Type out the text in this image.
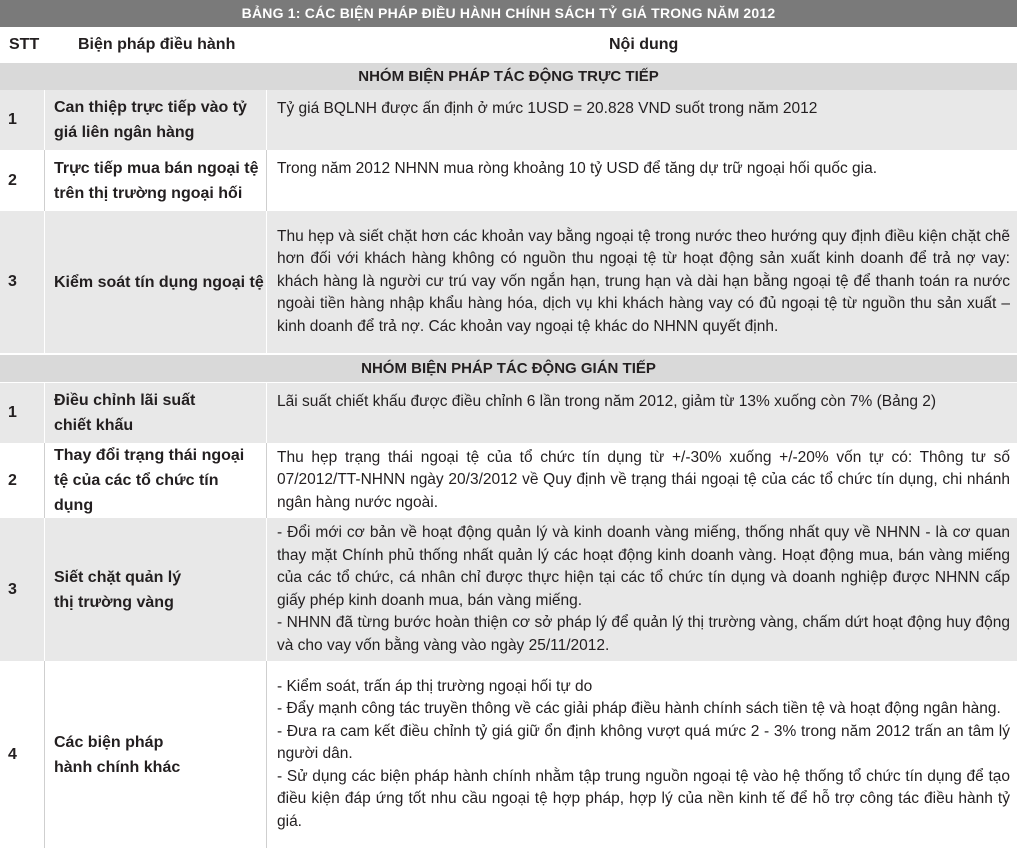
BẢNG 1: CÁC BIỆN PHÁP ĐIỀU HÀNH CHÍNH SÁCH TỶ GIÁ TRONG NĂM 2012
STT Biện pháp điều hành	Nội dung
NHÓM BIỆN PHÁP TÁC ĐỘNG TRỰC TIẾP
1
Can thiệp trực tiếp vào tỷ giá liên ngân hàng
Tỷ giá BQLNH được ấn định ở mức 1USD = 20.828 VND suốt trong năm 2012
2
Trực tiếp mua bán ngoại tệ trên thị trường ngoại hối
Trong năm 2012 NHNN mua ròng khoảng 10 tỷ USD để tăng dự trữ ngoại hối quốc gia.
3	Kiểm soát tín dụng ngoại tệ
Thu hẹp và siết chặt hơn các khoản vay bằng ngoại tệ trong nước theo hướng quy định điều kiện chặt chẽ hơn đối với khách hàng không có nguồn thu ngoại tệ từ hoạt động sản xuất kinh doanh để trả nợ vay: khách hàng là người cư trú vay vốn ngắn hạn, trung hạn và dài hạn bằng ngoại tệ để thanh toán ra nước ngoài tiền hàng nhập khẩu hàng hóa, dịch vụ khi khách hàng vay có đủ ngoại tệ từ nguồn thu sản xuất – kinh doanh để trả nợ. Các khoản vay ngoại tệ khác do NHNN quyết định.
NHÓM BIỆN PHÁP TÁC ĐỘNG GIÁN TIẾP
1
Điều chỉnh lãi suất chiết khấu
Lãi suất chiết khấu được điều chỉnh 6 lần trong năm 2012, giảm từ 13% xuống còn 7% (Bảng 2)
2
Thay đổi trạng thái ngoại tệ của các tổ chức tín dụng
Thu hẹp trạng thái ngoại tệ của tổ chức tín dụng từ +/-30% xuống +/-20% vốn tự có: Thông tư số 07/2012/TT-NHNN ngày 20/3/2012 về Quy định về trạng thái ngoại tệ của các tổ chức tín dụng, chi nhánh ngân hàng nước ngoài.
3
Siết chặt quản lý thị trường vàng
- Đổi mới cơ bản về hoạt động quản lý và kinh doanh vàng miếng, thống nhất quy về NHNN - là cơ quan thay mặt Chính phủ thống nhất quản lý các hoạt động kinh doanh vàng. Hoạt động mua, bán vàng miếng của các tổ chức, cá nhân chỉ được thực hiện tại các tổ chức tín dụng và doanh nghiệp được NHNN cấp giấy phép kinh doanh mua, bán vàng miếng.
- NHNN đã từng bước hoàn thiện cơ sở pháp lý để quản lý thị trường vàng, chấm dứt hoạt động huy động và cho vay vốn bằng vàng vào ngày 25/11/2012.
4
Các biện pháp hành chính khác
- Kiểm soát, trấn áp thị trường ngoại hối tự do
- Đẩy mạnh công tác truyền thông về các giải pháp điều hành chính sách tiền tệ và hoạt động ngân hàng.
- Đưa ra cam kết điều chỉnh tỷ giá giữ ổn định không vượt quá mức 2 - 3% trong năm 2012 trấn an tâm lý người dân.
- Sử dụng các biện pháp hành chính nhằm tập trung nguồn ngoại tệ vào hệ thống tổ chức tín dụng để tạo điều kiện đáp ứng tốt nhu cầu ngoại tệ hợp pháp, hợp lý của nền kinh tế để hỗ trợ công tác điều hành tỷ giá.
